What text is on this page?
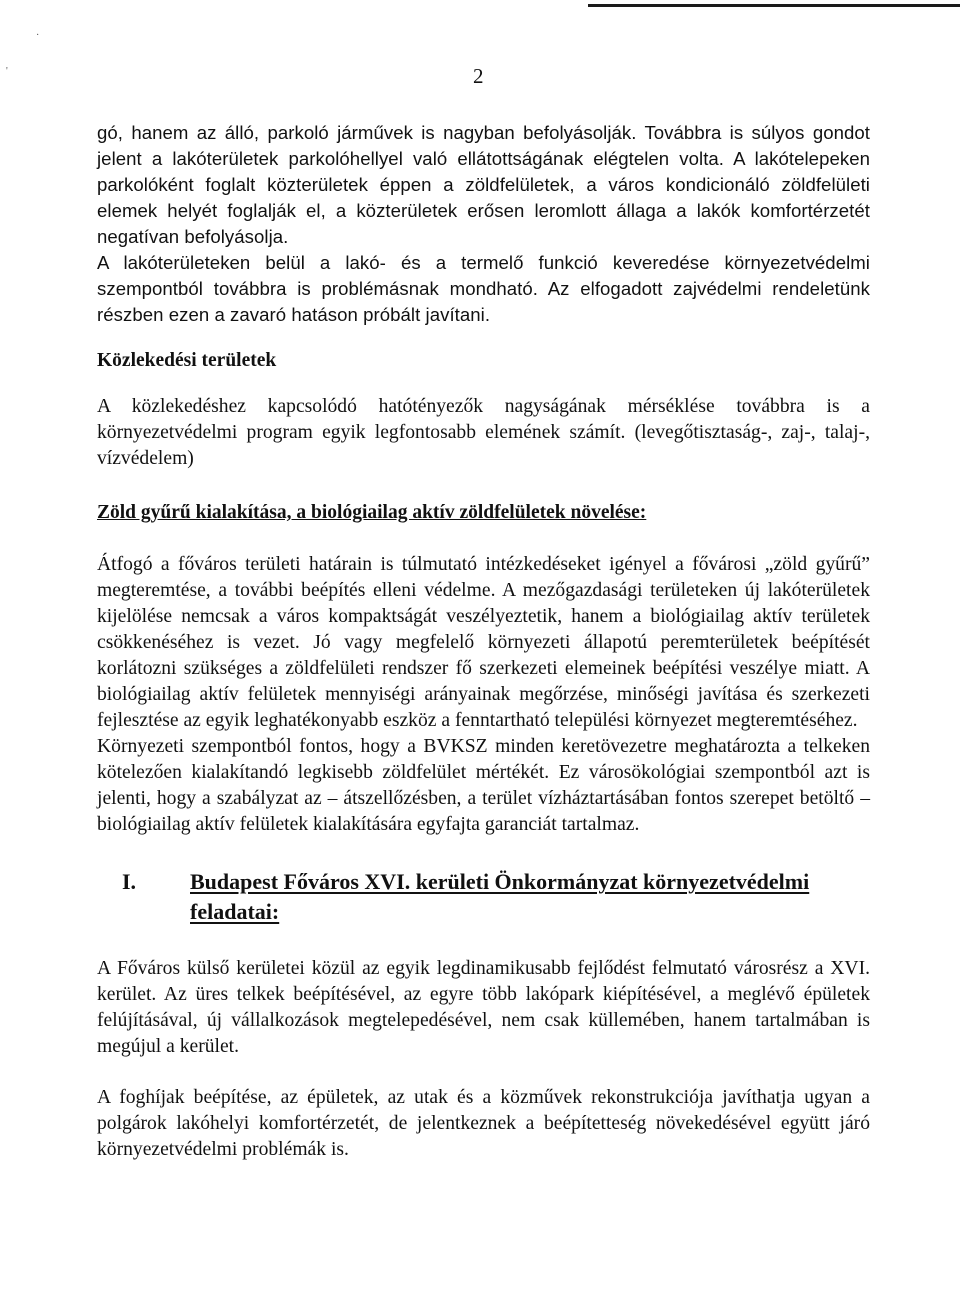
·
'	2

gó, hanem az álló, parkoló járművek is nagyban befolyásolják. Továbbra is súlyos gondot jelent a lakóterületek parkolóhellyel való ellátottságának elégtelen volta. A lakótelepeken parkolóként foglalt közterületek éppen a zöldfelületek, a város kondicionáló zöldfelületi elemek helyét foglalják el, a közterületek erősen leromlott állaga a lakók komfortérzetét negatívan befolyásolja.

A lakóterületeken belül a lakó- és a termelő funkció keveredése környezetvédelmi szempontból továbbra is problémásnak mondható. Az elfogadott zajvédelmi rendeletünk részben ezen a zavaró hatáson próbált javítani.

Közlekedési területek

A közlekedéshez kapcsolódó hatótényezők nagyságának mérséklése továbbra is a környezetvédelmi program egyik legfontosabb elemének számít. (levegőtisztaság-, zaj-, talaj-, vízvédelem)

Zöld gyűrű kialakítása, a biológiailag aktív zöldfelületek növelése:

Átfogó a főváros területi határain is túlmutató intézkedéseket igényel a fővárosi „zöld gyűrű” megteremtése, a további beépítés elleni védelme. A mezőgazdasági területeken új lakóterületek kijelölése nemcsak a város kompaktságát veszélyeztetik, hanem a biológiailag aktív területek csökkenéséhez is vezet. Jó vagy megfelelő környezeti állapotú peremterületek beépítését korlátozni szükséges a zöldfelületi rendszer fő szerkezeti elemeinek beépítési veszélye miatt. A biológiailag aktív felületek mennyiségi arányainak megőrzése, minőségi javítása és szerkezeti fejlesztése az egyik leghatékonyabb eszköz a fenntartható települési környezet megteremtéséhez.

Környezeti szempontból fontos, hogy a BVKSZ minden keretövezetre meghatározta a telkeken kötelezően kialakítandó legkisebb zöldfelület mértékét. Ez városökológiai szempontból azt is jelenti, hogy a szabályzat az – átszellőzésben, a terület vízháztartásában fontos szerepet betöltő – biológiailag aktív felületek kialakítására egyfajta garanciát tartalmaz.

I. Budapest Főváros XVI. kerületi Önkormányzat környezetvédelmi feladatai:

A Főváros külső kerületei közül az egyik legdinamikusabb fejlődést felmutató városrész a XVI. kerület. Az üres telkek beépítésével, az egyre több lakópark kiépítésével, a meglévő épületek felújításával, új vállalkozások megtelepedésével, nem csak küllemében, hanem tartalmában is megújul a kerület.

A foghíjak beépítése, az épületek, az utak és a közművek rekonstrukciója javíthatja ugyan a polgárok lakóhelyi komfortérzetét, de jelentkeznek a beépítetteség növekedésével együtt járó környezetvédelmi problémák is.
